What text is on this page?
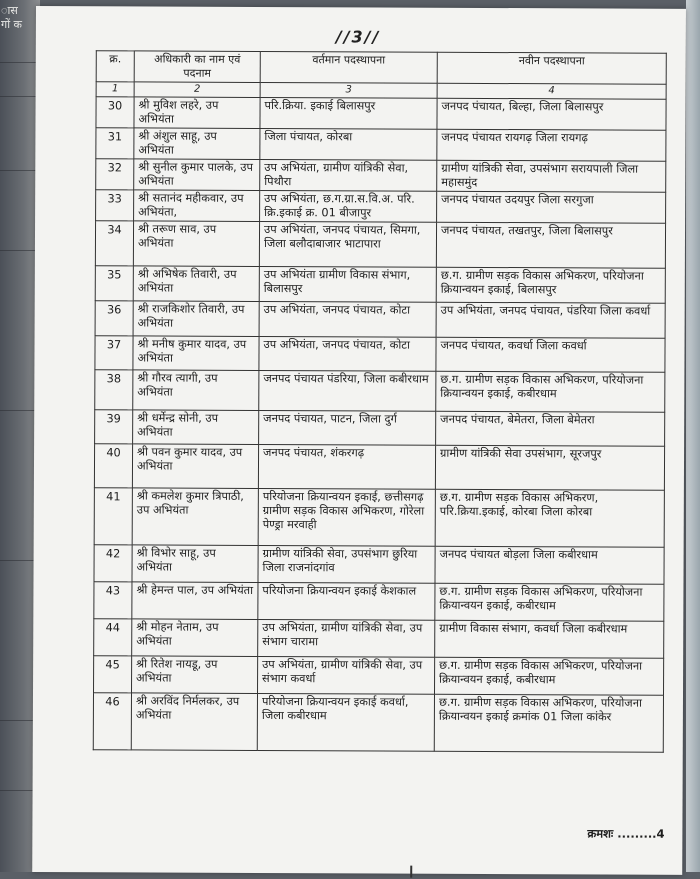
ास
गों क
//3//
क्र.	अधिकारी का नाम एवं पदनाम	वर्तमान पदस्थापना	नवीन पदस्थापना
1	2	3	4
30	श्री मुविश लहरे, उप अभियंता	परि.क्रिया. इकाई बिलासपुर	जनपद पंचायत, बिल्हा, जिला बिलासपुर
31	श्री अंशुल साहू, उप अभियंता	जिला पंचायत, कोरबा	जनपद पंचायत रायगढ़ जिला रायगढ़
32	श्री सुनील कुमार पालके, उप अभियंता	उप अभियंता, ग्रामीण यांत्रिकी सेवा, पिथौरा	ग्रामीण यांत्रिकी सेवा, उपसंभाग सरायपाली जिला महासमुंद
33	श्री सतानंद महीकवार, उप अभियंता,	उप अभियंता, छ.ग.ग्रा.स.वि.अ. परि. क्रि.इकाई क्र. 01 बीजापुर	जनपद पंचायत उदयपुर जिला सरगुजा
34	श्री तरूण साव, उप अभियंता	उप अभियंता, जनपद पंचायत, सिमगा, जिला बलौदाबाजार भाटापारा	जनपद पंचायत, तखतपुर, जिला बिलासपुर
35	श्री अभिषेक तिवारी, उप अभियंता	उप अभियंता ग्रामीण विकास संभाग, बिलासपुर	छ.ग. ग्रामीण सड़क विकास अभिकरण, परियोजना क्रियान्वयन इकाई, बिलासपुर
36	श्री राजकिशोर तिवारी, उप अभियंता	उप अभियंता, जनपद पंचायत, कोटा	उप अभियंता, जनपद पंचायत, पंडरिया जिला कवर्धा
37	श्री मनीष कुमार यादव, उप अभियंता	उप अभियंता, जनपद पंचायत, कोटा	जनपद पंचायत, कवर्धा जिला कवर्धा
38	श्री गौरव त्यागी, उप अभियंता	जनपद पंचायत पंडरिया, जिला कबीरधाम	छ.ग. ग्रामीण सड़क विकास अभिकरण, परियोजना क्रियान्वयन इकाई, कबीरधाम
39	श्री धर्मेन्द्र सोनी, उप अभियंता	जनपद पंचायत, पाटन, जिला दुर्ग	जनपद पंचायत, बेमेतरा, जिला बेमेतरा
40	श्री पवन कुमार यादव, उप अभियंता	जनपद पंचायत, शंकरगढ़	ग्रामीण यांत्रिकी सेवा उपसंभाग, सूरजपुर
41	श्री कमलेश कुमार त्रिपाठी, उप अभियंता	परियोजना क्रियान्वयन इकाई, छत्तीसगढ़ ग्रामीण सड़क विकास अभिकरण, गोरेला पेण्ड्रा मरवाही	छ.ग. ग्रामीण सड़क विकास अभिकरण, परि.क्रिया.इकाई, कोरबा जिला कोरबा
42	श्री विभोर साहू, उप अभियंता	ग्रामीण यांत्रिकी सेवा, उपसंभाग छुरिया जिला राजनांदगांव	जनपद पंचायत बोड़ला जिला कबीरधाम
43	श्री हेमन्त पाल, उप अभियंता	परियोजना क्रियान्वयन इकाई केशकाल	छ.ग. ग्रामीण सड़क विकास अभिकरण, परियोजना क्रियान्वयन इकाई, कबीरधाम
44	श्री मोहन नेताम, उप अभियंता	उप अभियंता, ग्रामीण यांत्रिकी सेवा, उप संभाग चारामा	ग्रामीण विकास संभाग, कवर्धा जिला कबीरधाम
45	श्री रितेश नायडू, उप अभियंता	उप अभियंता, ग्रामीण यांत्रिकी सेवा, उप संभाग कवर्धा	छ.ग. ग्रामीण सड़क विकास अभिकरण, परियोजना क्रियान्वयन इकाई, कबीरधाम
46	श्री अरविंद निर्मलकर, उप अभियंता	परियोजना क्रियान्वयन इकाई कवर्धा, जिला कबीरधाम	छ.ग. ग्रामीण सड़क विकास अभिकरण, परियोजना क्रियान्वयन इकाई क्रमांक 01 जिला कांकेर
क्रमशः .........4
